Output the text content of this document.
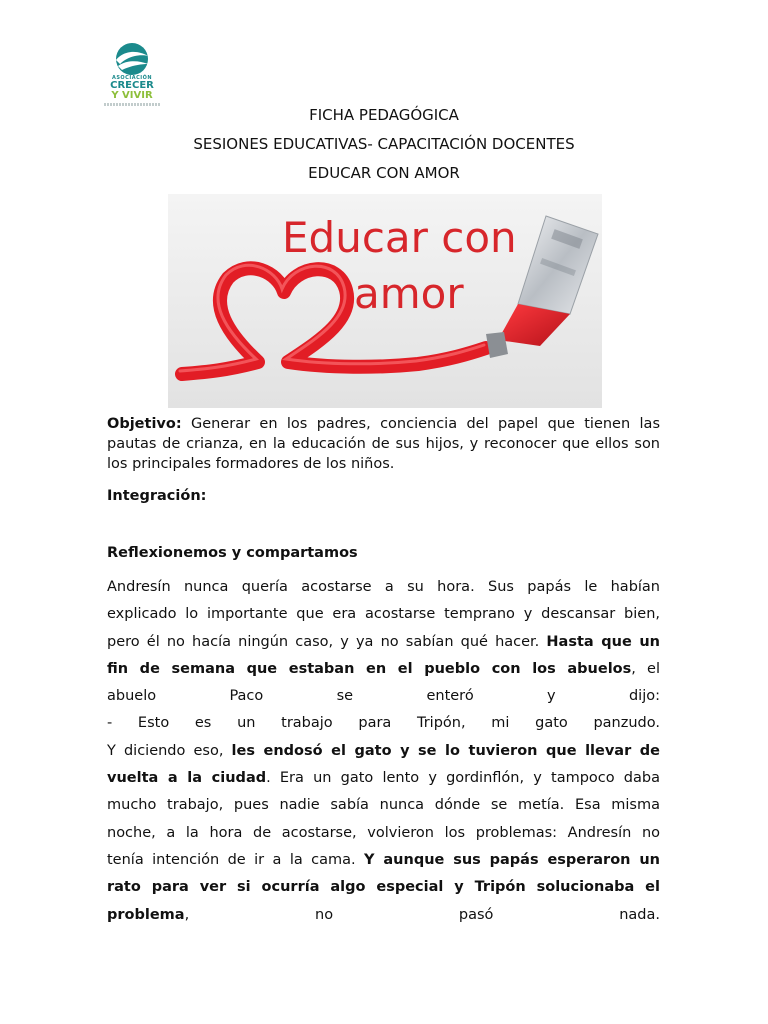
ASOCIACIÓN
CRECER
Y VIVIR
FICHA PEDAGÓGICA
SESIONES EDUCATIVAS- CAPACITACIÓN DOCENTES
EDUCAR CON AMOR
Educar con
amor

Objetivo: Generar en los padres, conciencia del papel que tienen las pautas de crianza, en la educación de sus hijos, y reconocer que ellos son los principales formadores de los niños.

Integración:

Reflexionemos y compartamos

Andresín nunca quería acostarse a su hora. Sus papás le habían
explicado lo importante que era acostarse temprano y descansar bien,
pero él no hacía ningún caso, y ya no sabían qué hacer. Hasta que un
fin de semana que estaban en el pueblo con los abuelos, el
abuelo	Paco	se	enteró	y	dijo:
- Esto es un trabajo para Tripón, mi gato panzudo.
Y diciendo eso, les endosó el gato y se lo tuvieron que llevar de
vuelta a la ciudad. Era un gato lento y gordinflón, y tampoco daba
mucho trabajo, pues nadie sabía nunca dónde se metía. Esa misma
noche, a la hora de acostarse, volvieron los problemas: Andresín no
tenía intención de ir a la cama. Y aunque sus papás esperaron un
rato para ver si ocurría algo especial y Tripón solucionaba el
problema,	no	pasó	nada.
